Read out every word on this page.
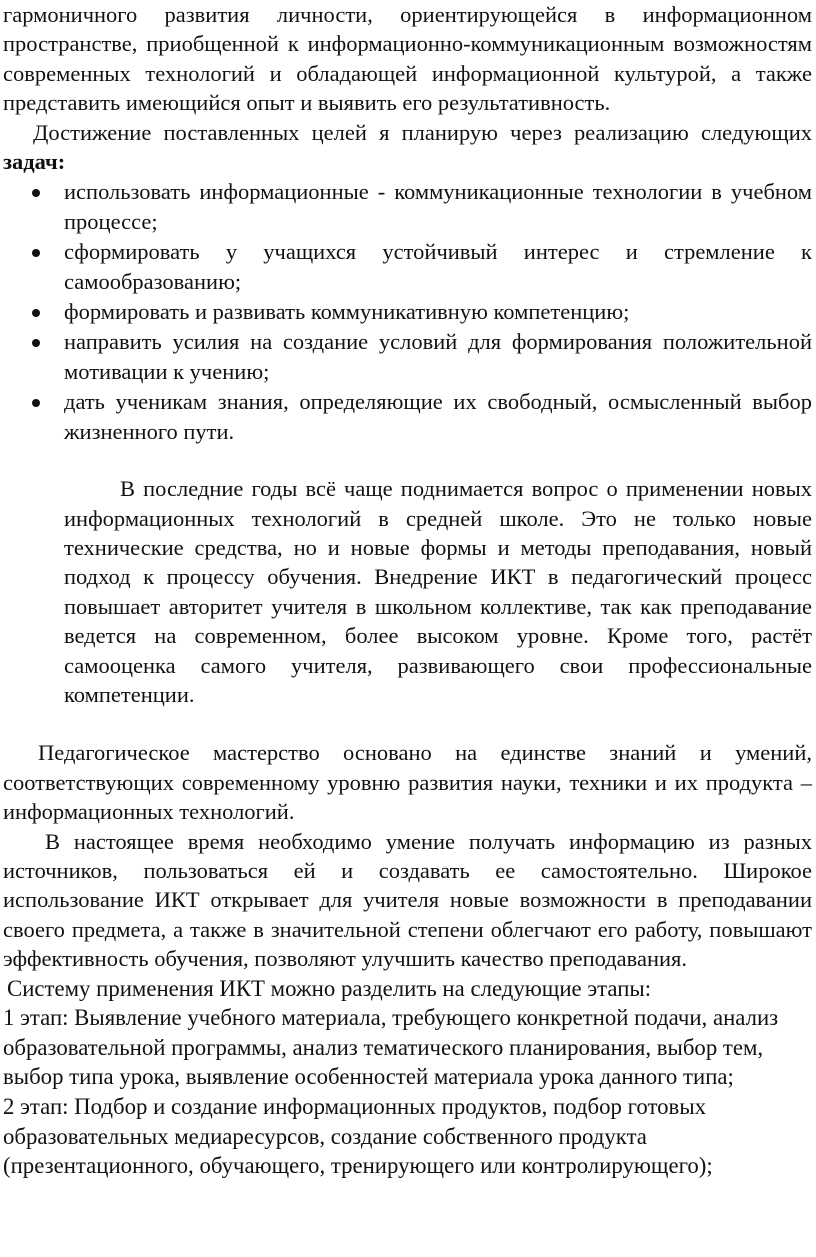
гармоничного развития личности, ориентирующейся в информационном пространстве, приобщенной к информационно-коммуникационным возможностям современных технологий и обладающей информационной культурой, а также представить имеющийся опыт и выявить его результативность.

Достижение поставленных целей я планирую через реализацию следующих задач:

использовать информационные - коммуникационные технологии в учебном процессе;
сформировать у учащихся устойчивый интерес и стремление к самообразованию;
формировать и развивать коммуникативную компетенцию;
направить усилия на создание условий для формирования положительной мотивации к учению;
дать ученикам знания, определяющие их свободный, осмысленный выбор жизненного пути.

В последние годы всё чаще поднимается вопрос о применении новых информационных технологий в средней школе. Это не только новые технические средства, но и новые формы и методы преподавания, новый подход к процессу обучения. Внедрение ИКТ в педагогический процесс повышает авторитет учителя в школьном коллективе, так как преподавание ведется на современном, более высоком уровне. Кроме того, растёт самооценка самого учителя, развивающего свои профессиональные компетенции.

Педагогическое мастерство основано на единстве знаний и умений, соответствующих современному уровню развития науки, техники и их продукта – информационных технологий.

В настоящее время необходимо умение получать информацию из разных источников, пользоваться ей и создавать ее самостоятельно. Широкое использование ИКТ открывает для учителя новые возможности в преподавании своего предмета, а также в значительной степени облегчают его работу, повышают эффективность обучения, позволяют улучшить качество преподавания.

Систему применения ИКТ можно разделить на следующие этапы:

1 этап: Выявление учебного материала, требующего конкретной подачи, анализ образовательной программы, анализ тематического планирования, выбор тем, выбор типа урока, выявление особенностей материала урока данного типа;

2 этап: Подбор и создание информационных продуктов, подбор готовых образовательных медиаресурсов, создание собственного продукта (презентационного, обучающего, тренирующего или контролирующего);
